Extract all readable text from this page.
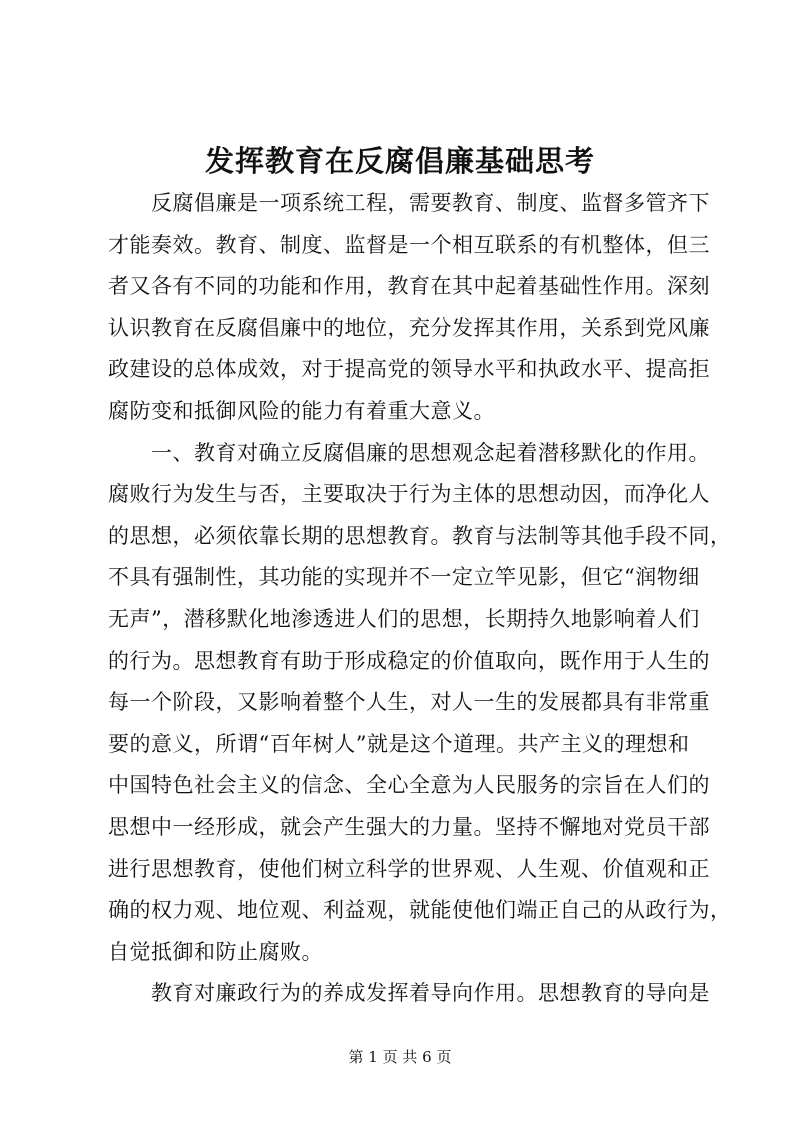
发挥教育在反腐倡廉基础思考
　　反腐倡廉是一项系统工程，需要教育、制度、监督多管齐下
才能奏效。教育、制度、监督是一个相互联系的有机整体，但三
者又各有不同的功能和作用，教育在其中起着基础性作用。深刻
认识教育在反腐倡廉中的地位，充分发挥其作用，关系到党风廉
政建设的总体成效，对于提高党的领导水平和执政水平、提高拒
腐防变和抵御风险的能力有着重大意义。
　　一、教育对确立反腐倡廉的思想观念起着潜移默化的作用。
腐败行为发生与否，主要取决于行为主体的思想动因，而净化人
的思想，必须依靠长期的思想教育。教育与法制等其他手段不同，
不具有强制性，其功能的实现并不一定立竿见影，但它“润物细
无声”，潜移默化地渗透进人们的思想，长期持久地影响着人们
的行为。思想教育有助于形成稳定的价值取向，既作用于人生的
每一个阶段，又影响着整个人生，对人一生的发展都具有非常重
要的意义，所谓“百年树人”就是这个道理。共产主义的理想和
中国特色社会主义的信念、全心全意为人民服务的宗旨在人们的
思想中一经形成，就会产生强大的力量。坚持不懈地对党员干部
进行思想教育，使他们树立科学的世界观、人生观、价值观和正
确的权力观、地位观、利益观，就能使他们端正自己的从政行为，
自觉抵御和防止腐败。
　　教育对廉政行为的养成发挥着导向作用。思想教育的导向是
第 1 页 共 6 页
